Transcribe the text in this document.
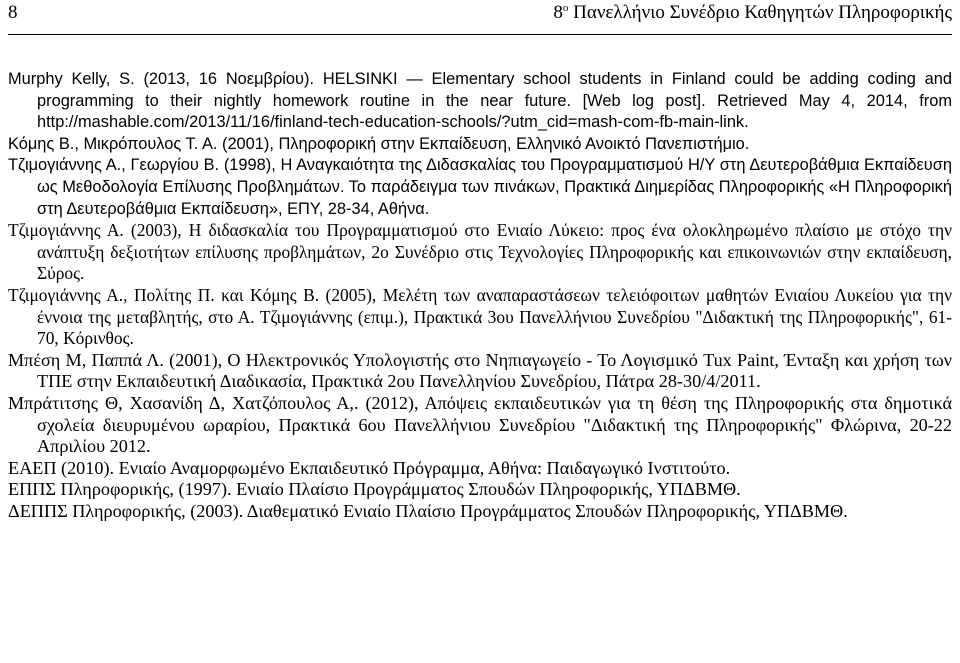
8	$8^o$ Πανελλήνιο Συνέδριο Καθηγητών Πληροφορικής
Murphy Kelly, S. (2013, 16 Νοεμβρίου). HELSINKI — Elementary school students in Finland could be adding coding and programming to their nightly homework routine in the near future. [Web log post]. Retrieved May 4, 2014, from http://mashable.com/2013/11/16/finland-tech-education-schools/?utm_cid=mash-com-fb-main-link.
Κόμης Β., Μικρόπουλος Τ. Α. (2001), Πληροφορική στην Εκπαίδευση, Ελληνικό Ανοικτό Πανεπιστήμιο.
Τζιμογιάννης Α., Γεωργίου Β. (1998), Η Αναγκαιότητα της Διδασκαλίας του Προγραμματισμού Η/Υ στη Δευτεροβάθμια Εκπαίδευση ως Μεθοδολογία Επίλυσης Προβλημάτων. Το παράδειγμα των πινάκων, Πρακτικά Διημερίδας Πληροφορικής «Η Πληροφορική στη Δευτεροβάθμια Εκπαίδευση», ΕΠΥ, 28-34, Αθήνα.
Τζιμογιάννης Α. (2003), Η διδασκαλία του Προγραμματισμού στο Ενιαίο Λύκειο: προς ένα ολοκληρωμένο πλαίσιο με στόχο την ανάπτυξη δεξιοτήτων επίλυσης προβλημάτων, 2ο Συνέδριο στις Τεχνολογίες Πληροφορικής και επικοινωνιών στην εκπαίδευση, Σύρος.
Τζιμογιάννης Α., Πολίτης Π. και Κόμης Β. (2005), Μελέτη των αναπαραστάσεων τελειόφοιτων μαθητών Ενιαίου Λυκείου για την έννοια της μεταβλητής, στο Α. Τζιμογιάννης (επιμ.), Πρακτικά 3ου Πανελλήνιου Συνεδρίου "Διδακτική της Πληροφορικής", 61-70, Κόρινθος.
Μπέση Μ, Παππά Λ. (2001), Ο Ηλεκτρονικός Υπολογιστής στο Νηπιαγωγείο - Το Λογισμικό Tux Paint, Ένταξη και χρήση των ΤΠΕ στην Εκπαιδευτική Διαδικασία, Πρακτικά 2ου Πανελληνίου Συνεδρίου, Πάτρα 28-30/4/2011.
Μπράτιτσης Θ, Χασανίδη Δ, Χατζόπουλος Α,. (2012), Απόψεις εκπαιδευτικών για τη θέση της Πληροφορικής στα δημοτικά σχολεία διευρυμένου ωραρίου, Πρακτικά 6ου Πανελλήνιου Συνεδρίου "Διδακτική της Πληροφορικής" Φλώρινα, 20-22 Απριλίου 2012.
ΕΑΕΠ (2010). Ενιαίο Αναμορφωμένο Εκπαιδευτικό Πρόγραμμα, Αθήνα: Παιδαγωγικό Ινστιτούτο.
ΕΠΠΣ Πληροφορικής, (1997). Ενιαίο Πλαίσιο Προγράμματος Σπουδών Πληροφορικής, ΥΠΔΒΜΘ.
ΔΕΠΠΣ Πληροφορικής, (2003). Διαθεματικό Ενιαίο Πλαίσιο Προγράμματος Σπουδών Πληροφορικής, ΥΠΔΒΜΘ.
